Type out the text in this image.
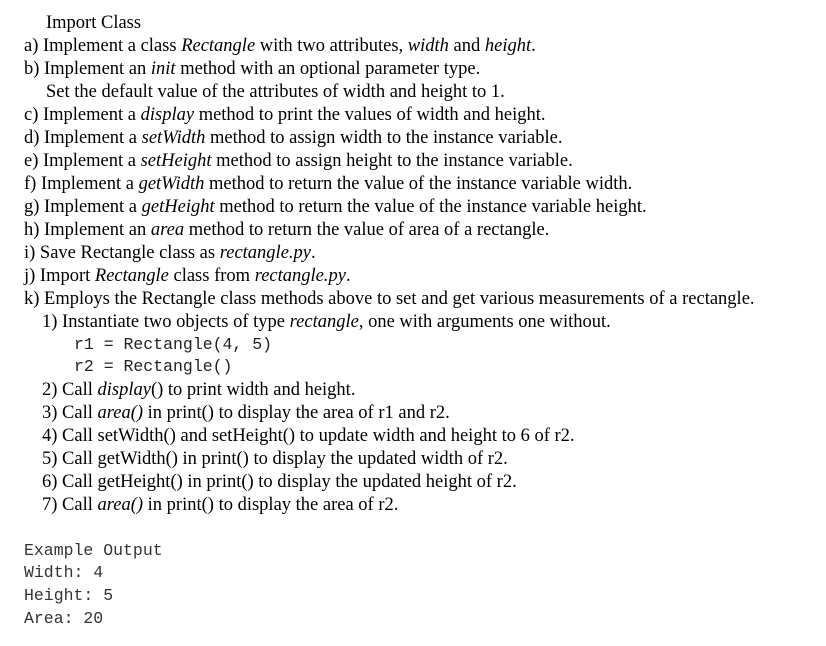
Import Class
a) Implement a class Rectangle with two attributes, width and height.
b) Implement an init method with an optional parameter type.
Set the default value of the attributes of width and height to 1.
c) Implement a display method to print the values of width and height.
d) Implement a setWidth method to assign width to the instance variable.
e) Implement a setHeight method to assign height to the instance variable.
f) Implement a getWidth method to return the value of the instance variable width.
g) Implement a getHeight method to return the value of the instance variable height.
h) Implement an area method to return the value of area of a rectangle.
i) Save Rectangle class as rectangle.py.
j) Import Rectangle class from rectangle.py.
k) Employs the Rectangle class methods above to set and get various measurements of a rectangle.
1) Instantiate two objects of type rectangle, one with arguments one without.
r1 = Rectangle(4, 5)
r2 = Rectangle()
2) Call display() to print width and height.
3) Call area() in print() to display the area of r1 and r2.
4) Call setWidth() and setHeight() to update width and height to 6 of r2.
5) Call getWidth() in print() to display the updated width of r2.
6) Call getHeight() in print() to display the updated height of r2.
7) Call area() in print() to display the area of r2.
Example Output
Width: 4
Height: 5
Area: 20
